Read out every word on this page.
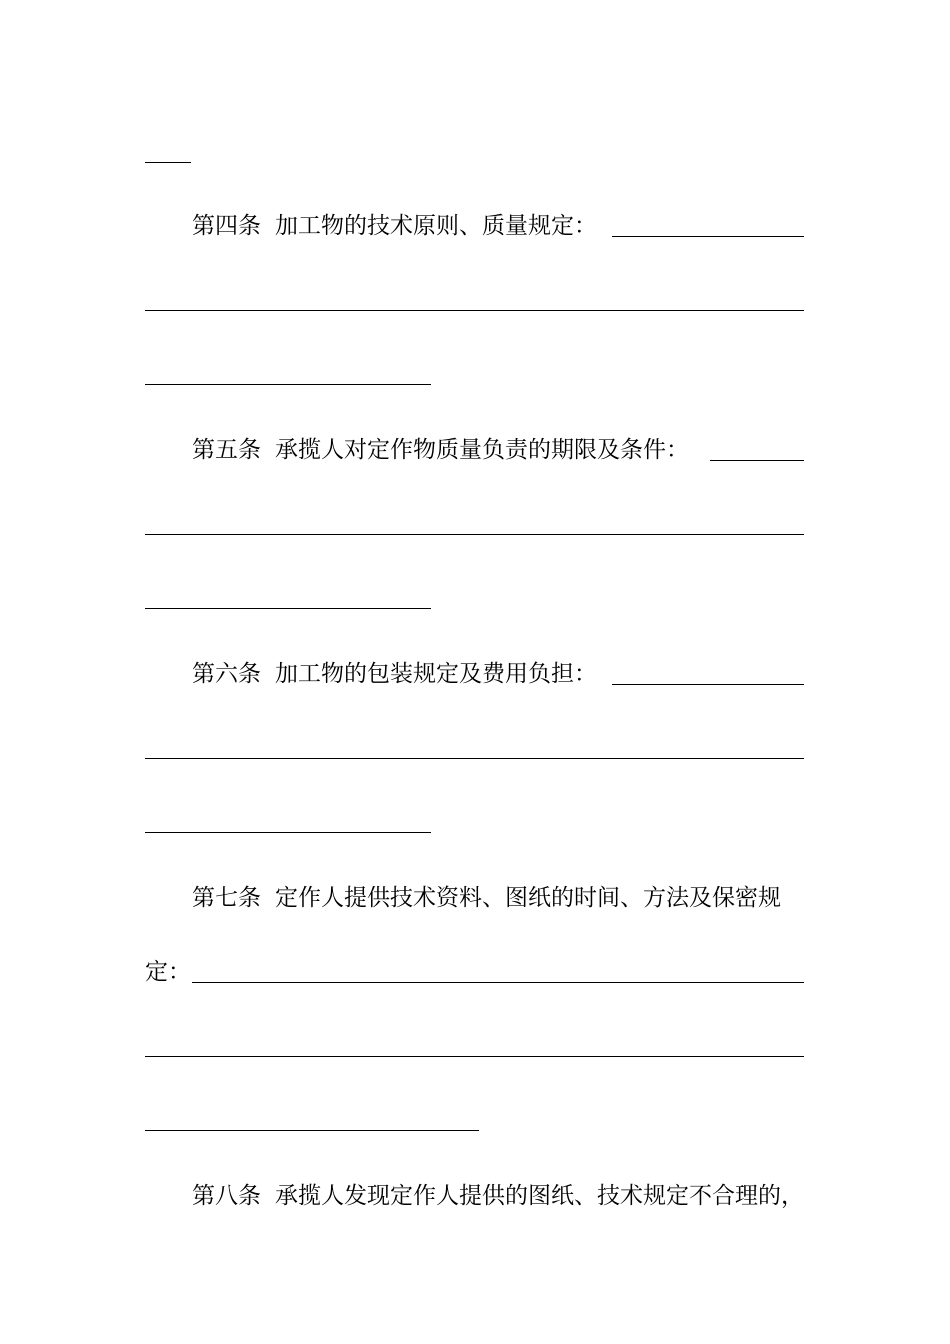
第四条 加工物的技术原则、质量规定：
第五条 承揽人对定作物质量负责的期限及条件：
第六条 加工物的包装规定及费用负担：
第七条 定作人提供技术资料、图纸的时间、方法及保密规
定：
第八条 承揽人发现定作人提供的图纸、技术规定不合理的，
